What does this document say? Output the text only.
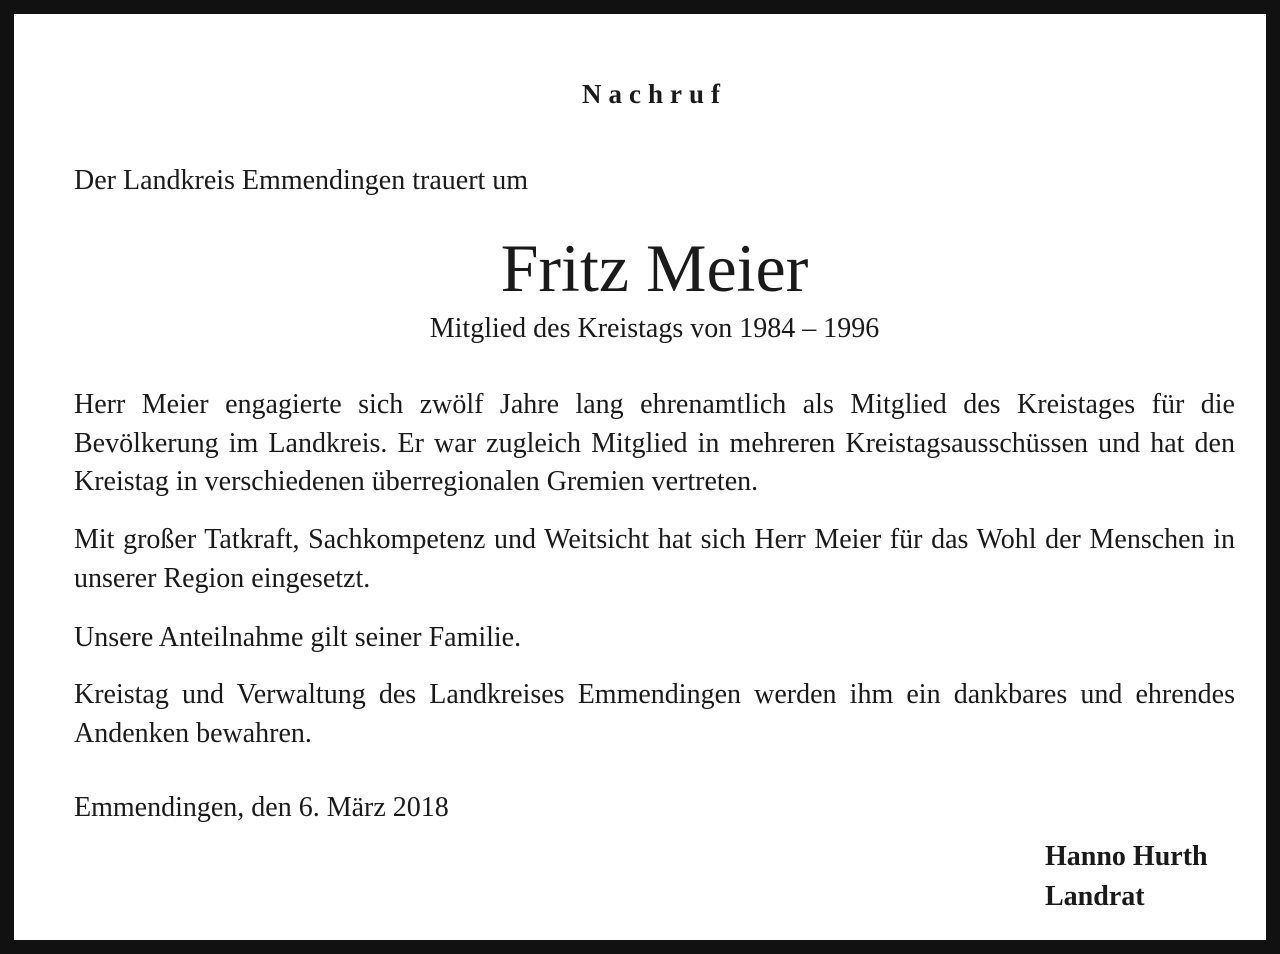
Nachruf
Der Landkreis Emmendingen trauert um
Fritz Meier
Mitglied des Kreistags von 1984 – 1996

Herr Meier engagierte sich zwölf Jahre lang ehrenamtlich als Mitglied des Kreistages für die Bevölkerung im Landkreis. Er war zugleich Mitglied in mehreren Kreistagsausschüssen und hat den Kreistag in verschiedenen überregionalen Gremien vertreten.

Mit großer Tatkraft, Sachkompetenz und Weitsicht hat sich Herr Meier für das Wohl der Menschen in unserer Region eingesetzt.

Unsere Anteilnahme gilt seiner Familie.

Kreistag und Verwaltung des Landkreises Emmendingen werden ihm ein dankbares und ehrendes Andenken bewahren.

Emmendingen, den 6. März 2018
Hanno Hurth
Landrat
